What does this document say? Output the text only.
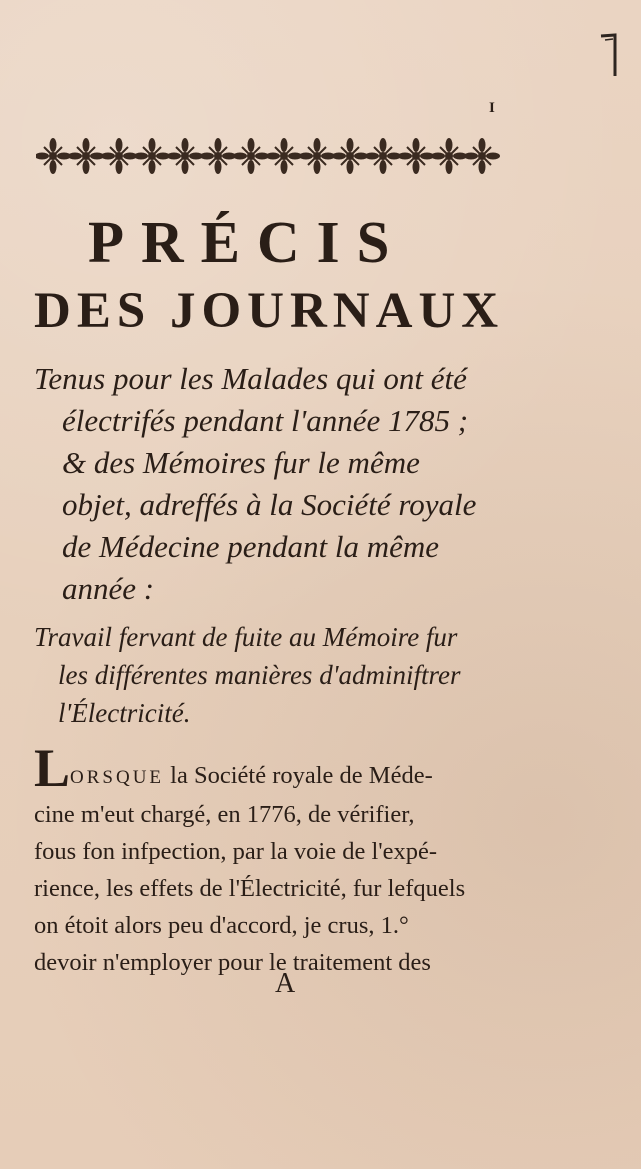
I
PRÉCIS
DES JOURNAUX
Tenus pour les Malades qui ont été
électrifés pendant l'année 1785 ;
& des Mémoires fur le même
objet, adreffés à la Société royale
de Médecine pendant la même
année :
Travail fervant de fuite au Mémoire fur
les différentes manières d'adminiftrer
l'Électricité.
LORSQUE la Société royale de Méde-
cine m'eut chargé, en 1776, de vérifier,
fous fon infpection, par la voie de l'expé-
rience, les effets de l'Électricité, fur lefquels
on étoit alors peu d'accord, je crus, 1.°
devoir n'employer pour le traitement des
A
